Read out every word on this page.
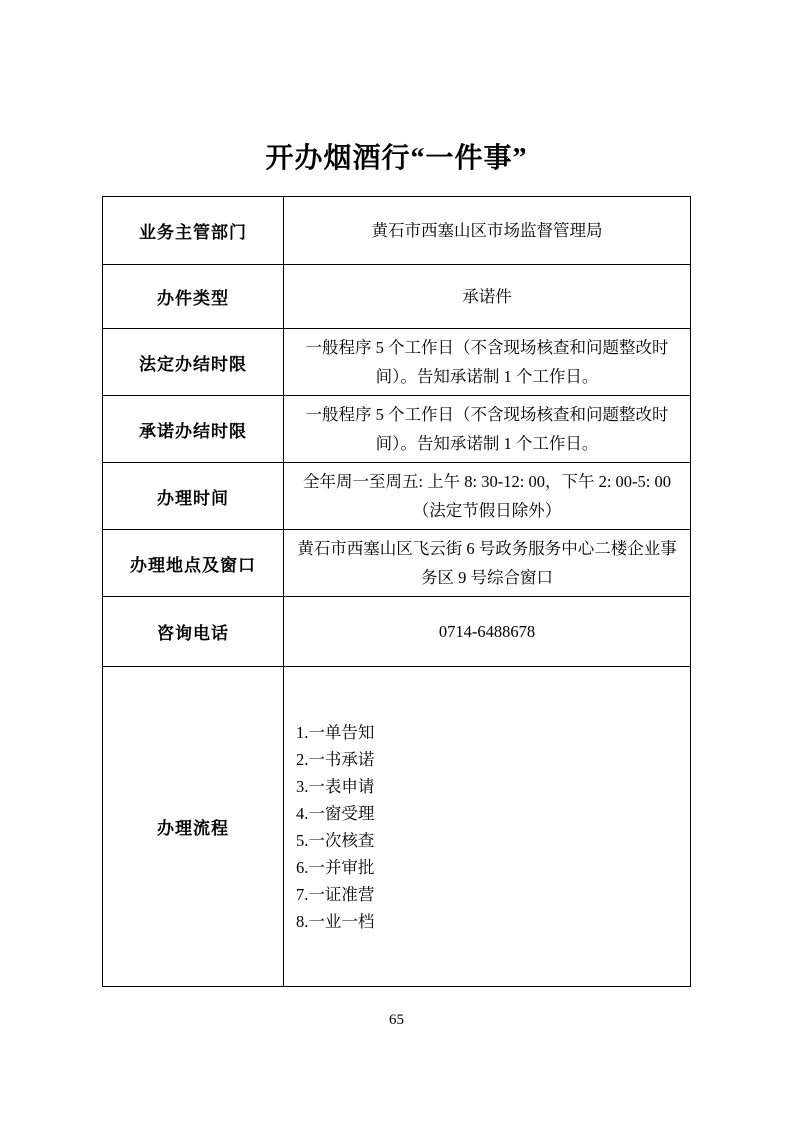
开办烟酒行“一件事”
业务主管部门	黄石市西塞山区市场监督管理局
办件类型	承诺件
法定办结时限	一般程序 5 个工作日（不含现场核查和问题整改时间）。告知承诺制 1 个工作日。
承诺办结时限	一般程序 5 个工作日（不含现场核查和问题整改时间）。告知承诺制 1 个工作日。
办理时间	全年周一至周五: 上午 8: 30-12: 00，下午 2: 00-5: 00（法定节假日除外）
办理地点及窗口	黄石市西塞山区飞云街 6 号政务服务中心二楼企业事务区 9 号综合窗口
咨询电话	0714-6488678
办理流程	
1.一单告知
2.一书承诺
3.一表申请
4.一窗受理
5.一次核查
6.一并审批
7.一证准营
8.一业一档
65
